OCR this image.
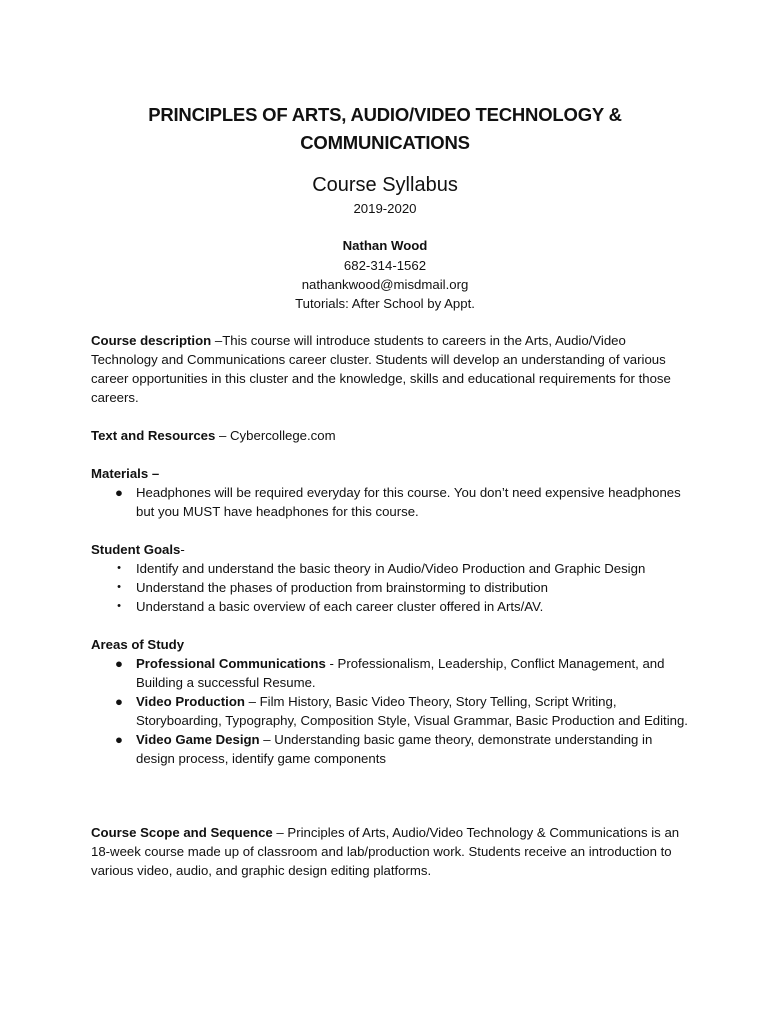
PRINCIPLES OF ARTS, AUDIO/VIDEO TECHNOLOGY &
COMMUNICATIONS
Course Syllabus
2019-2020
Nathan Wood
682-314-1562
nathankwood@misdmail.org
Tutorials: After School by Appt.
Course description –This course will introduce students to careers in the Arts, Audio/Video Technology and Communications career cluster. Students will develop an understanding of various career opportunities in this cluster and the knowledge, skills and educational requirements for those careers.
Text and Resources – Cybercollege.com
Materials –
● Headphones will be required everyday for this course. You don’t need expensive headphones but you MUST have headphones for this course.
Student Goals-
•	Identify and understand the basic theory in Audio/Video Production and Graphic Design
•	Understand the phases of production from brainstorming to distribution
•	Understand a basic overview of each career cluster offered in Arts/AV.
Areas of Study
● Professional Communications - Professionalism, Leadership, Conflict Management, and Building a successful Resume.
● Video Production – Film History, Basic Video Theory, Story Telling, Script Writing, Storyboarding, Typography, Composition Style, Visual Grammar, Basic Production and Editing.
● Video Game Design – Understanding basic game theory, demonstrate understanding in design process, identify game components
Course Scope and Sequence – Principles of Arts, Audio/Video Technology & Communications is an 18-week course made up of classroom and lab/production work. Students receive an introduction to various video, audio, and graphic design editing platforms.
